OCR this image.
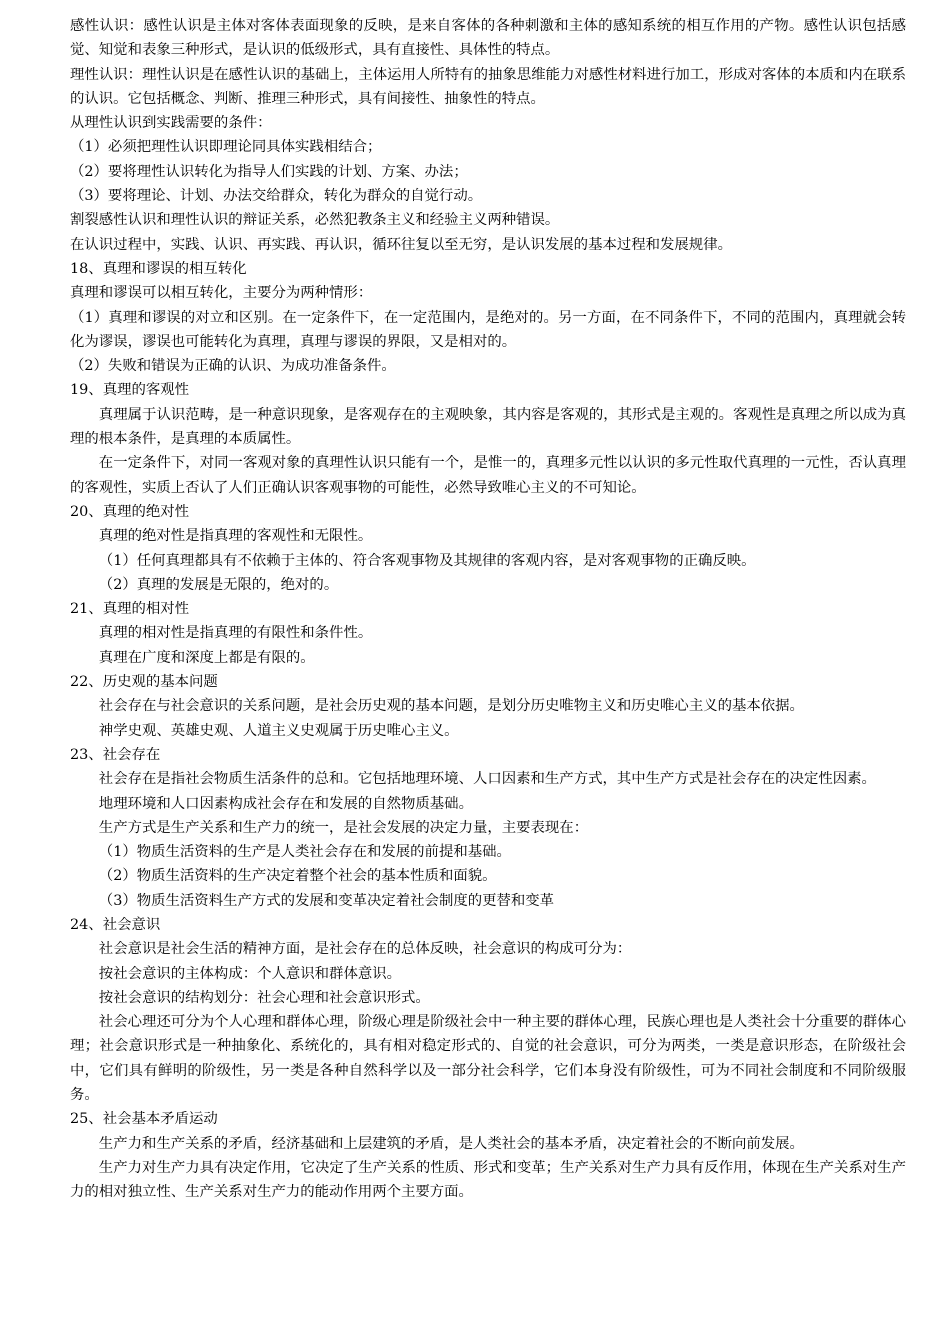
感性认识：感性认识是主体对客体表面现象的反映，是来自客体的各种刺激和主体的感知系统的相互作用的产物。感性认识包括感觉、知觉和表象三种形式，是认识的低级形式，具有直接性、具体性的特点。

理性认识：理性认识是在感性认识的基础上，主体运用人所特有的抽象思维能力对感性材料进行加工，形成对客体的本质和内在联系的认识。它包括概念、判断、推理三种形式，具有间接性、抽象性的特点。

从理性认识到实践需要的条件：

（1）必须把理性认识即理论同具体实践相结合；

（2）要将理性认识转化为指导人们实践的计划、方案、办法；

（3）要将理论、计划、办法交给群众，转化为群众的自觉行动。

割裂感性认识和理性认识的辩证关系，必然犯教条主义和经验主义两种错误。

在认识过程中，实践、认识、再实践、再认识，循环往复以至无穷，是认识发展的基本过程和发展规律。

18、真理和谬误的相互转化

真理和谬误可以相互转化，主要分为两种情形：

（1）真理和谬误的对立和区别。在一定条件下，在一定范围内，是绝对的。另一方面，在不同条件下，不同的范围内，真理就会转化为谬误，谬误也可能转化为真理，真理与谬误的界限，又是相对的。

（2）失败和错误为正确的认识、为成功准备条件。

19、真理的客观性

真理属于认识范畴，是一种意识现象，是客观存在的主观映象，其内容是客观的，其形式是主观的。客观性是真理之所以成为真理的根本条件，是真理的本质属性。

在一定条件下，对同一客观对象的真理性认识只能有一个，是惟一的，真理多元性以认识的多元性取代真理的一元性，否认真理的客观性，实质上否认了人们正确认识客观事物的可能性，必然导致唯心主义的不可知论。

20、真理的绝对性

真理的绝对性是指真理的客观性和无限性。

（1）任何真理都具有不依赖于主体的、符合客观事物及其规律的客观内容，是对客观事物的正确反映。

（2）真理的发展是无限的，绝对的。

21、真理的相对性

真理的相对性是指真理的有限性和条件性。

真理在广度和深度上都是有限的。

22、历史观的基本问题

社会存在与社会意识的关系问题，是社会历史观的基本问题，是划分历史唯物主义和历史唯心主义的基本依据。

神学史观、英雄史观、人道主义史观属于历史唯心主义。

23、社会存在

社会存在是指社会物质生活条件的总和。它包括地理环境、人口因素和生产方式，其中生产方式是社会存在的决定性因素。

地理环境和人口因素构成社会存在和发展的自然物质基础。

生产方式是生产关系和生产力的统一，是社会发展的决定力量，主要表现在：

（1）物质生活资料的生产是人类社会存在和发展的前提和基础。

（2）物质生活资料的生产决定着整个社会的基本性质和面貌。

（3）物质生活资料生产方式的发展和变革决定着社会制度的更替和变革

24、社会意识

社会意识是社会生活的精神方面，是社会存在的总体反映，社会意识的构成可分为：

按社会意识的主体构成：个人意识和群体意识。

按社会意识的结构划分：社会心理和社会意识形式。

社会心理还可分为个人心理和群体心理，阶级心理是阶级社会中一种主要的群体心理，民族心理也是人类社会十分重要的群体心理；社会意识形式是一种抽象化、系统化的，具有相对稳定形式的、自觉的社会意识，可分为两类，一类是意识形态，在阶级社会中，它们具有鲜明的阶级性，另一类是各种自然科学以及一部分社会科学，它们本身没有阶级性，可为不同社会制度和不同阶级服务。

25、社会基本矛盾运动

生产力和生产关系的矛盾，经济基础和上层建筑的矛盾，是人类社会的基本矛盾，决定着社会的不断向前发展。

生产力对生产力具有决定作用，它决定了生产关系的性质、形式和变革；生产关系对生产力具有反作用，体现在生产关系对生产力的相对独立性、生产关系对生产力的能动作用两个主要方面。
